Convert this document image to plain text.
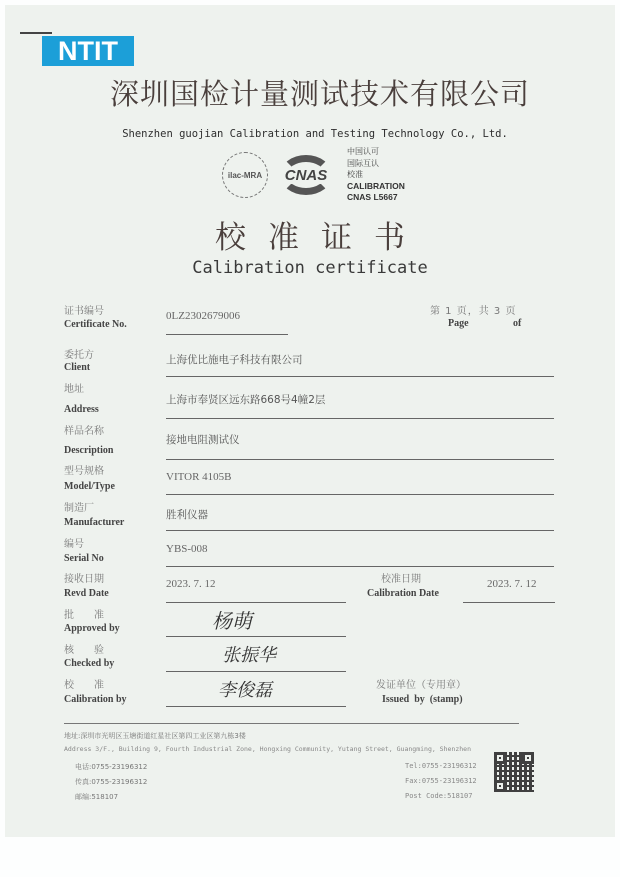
NTIT
深圳国检计量测试技术有限公司
Shenzhen guojian Calibration and Testing Technology Co., Ltd.
ilac-MRA CNAS
中国认可
国际互认
校准
CALIBRATION
CNAS L5667
校准证书
Calibration certificate
证书编号
Certificate No.
0LZ2302679006	第 1 页，共 3 页
Page	of
委托方
Client
上海优比施电子科技有限公司
地址
Address
上海市奉贤区远东路668号4幢2层
样品名称
Description
接地电阻测试仪
型号规格
Model/Type
VITOR 4105B
制造厂
Manufacturer
胜利仪器
编号
Serial No
YBS-008
接收日期
Revd Date
2023. 7. 12	校准日期
Calibration Date
2023. 7. 12
批　　准
Approved by	杨萌
核　　验
Checked by	张振华
校　　准
Calibration by	李俊磊	发证单位（专用章）
Issued  by  (stamp)
地址:深圳市光明区玉塘街道红星社区第四工业区第九栋3楼
Address 3/F., Building 9, Fourth Industrial Zone, Hongxing Community, Yutang Street, Guangming, Shenzhen
电话:0755-23196312
传真:0755-23196312
邮编:518107
Tel:0755-23196312
Fax:0755-23196312
Post Code:518107
